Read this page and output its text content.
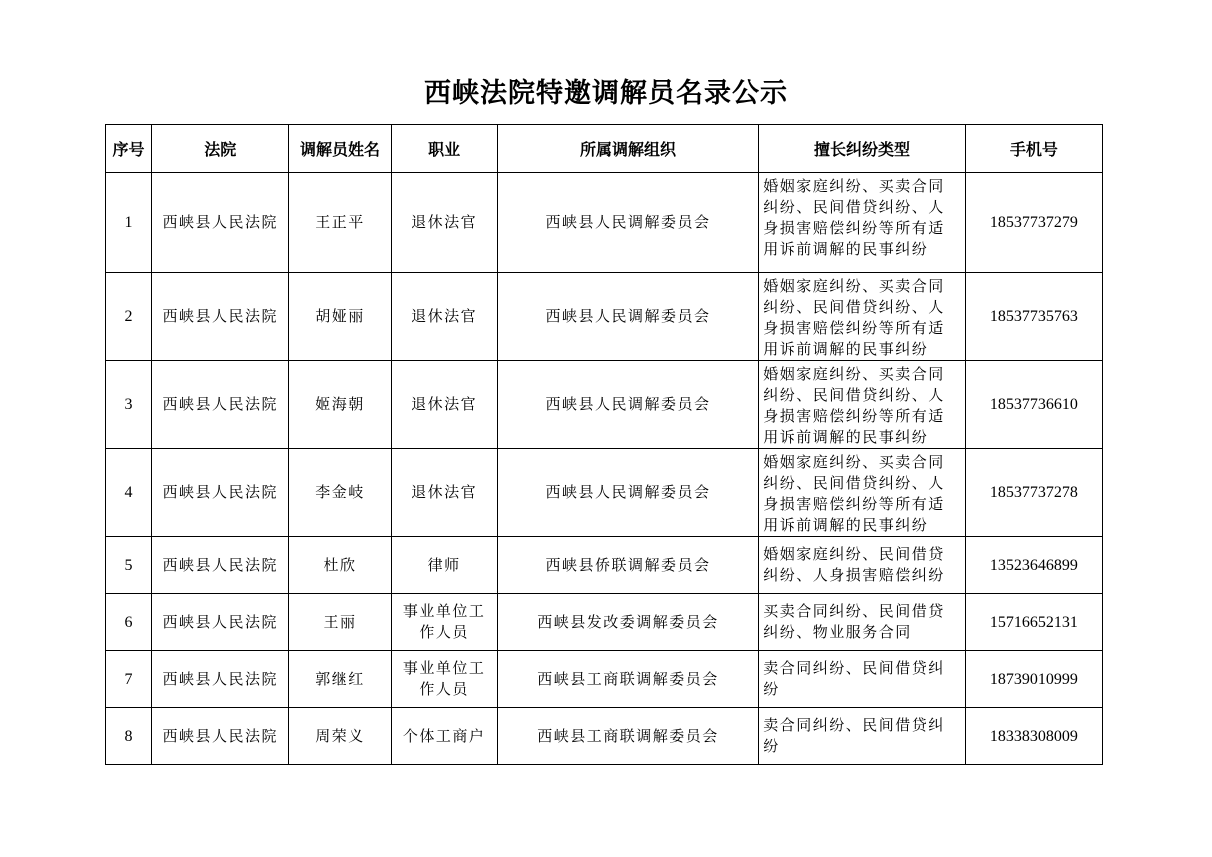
西峡法院特邀调解员名录公示
序号	法院	调解员姓名	职业	所属调解组织	擅长纠纷类型	手机号
1	西峡县人民法院	王正平	退休法官	西峡县人民调解委员会	婚姻家庭纠纷、买卖合同纠纷、民间借贷纠纷、人身损害赔偿纠纷等所有适用诉前调解的民事纠纷	18537737279
2	西峡县人民法院	胡娅丽	退休法官	西峡县人民调解委员会	婚姻家庭纠纷、买卖合同纠纷、民间借贷纠纷、人身损害赔偿纠纷等所有适用诉前调解的民事纠纷	18537735763
3	西峡县人民法院	姬海朝	退休法官	西峡县人民调解委员会	婚姻家庭纠纷、买卖合同纠纷、民间借贷纠纷、人身损害赔偿纠纷等所有适用诉前调解的民事纠纷	18537736610
4	西峡县人民法院	李金岐	退休法官	西峡县人民调解委员会	婚姻家庭纠纷、买卖合同纠纷、民间借贷纠纷、人身损害赔偿纠纷等所有适用诉前调解的民事纠纷	18537737278
5	西峡县人民法院	杜欣	律师	西峡县侨联调解委员会	婚姻家庭纠纷、民间借贷纠纷、人身损害赔偿纠纷	13523646899
6	西峡县人民法院	王丽	事业单位工作人员	西峡县发改委调解委员会	买卖合同纠纷、民间借贷纠纷、物业服务合同	15716652131
7	西峡县人民法院	郭继红	事业单位工作人员	西峡县工商联调解委员会	卖合同纠纷、民间借贷纠纷	18739010999
8	西峡县人民法院	周荣义	个体工商户	西峡县工商联调解委员会	卖合同纠纷、民间借贷纠纷	18338308009
